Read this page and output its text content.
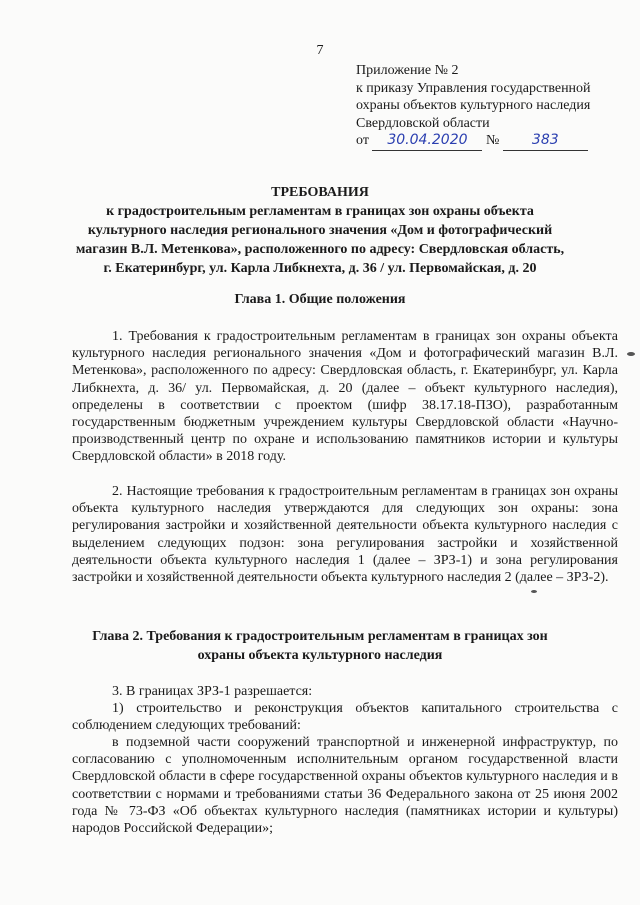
7
Приложение № 2
к приказу Управления государственной
охраны объектов культурного наследия
Свердловской области
от 30.04.2020 № 383
ТРЕБОВАНИЯ
к градостроительным регламентам в границах зон охраны объекта
культурного наследия регионального значения «Дом и фотографический
магазин В.Л. Метенкова», расположенного по адресу: Свердловская область,
г. Екатеринбург, ул. Карла Либкнехта, д. 36 / ул. Первомайская, д. 20
Глава 1. Общие положения
1. Требования к градостроительным регламентам в границах зон охраны объекта культурного наследия регионального значения «Дом и фотографический магазин В.Л. Метенкова», расположенного по адресу: Свердловская область, г. Екатеринбург, ул. Карла Либкнехта, д. 36/ ул. Первомайская, д. 20 (далее – объект культурного наследия), определены в соответствии с проектом (шифр 38.17.18-ПЗО), разработанным государственным бюджетным учреждением культуры Свердловской области «Научно-производственный центр по охране и использованию памятников истории и культуры Свердловской области» в 2018 году.
2. Настоящие требования к градостроительным регламентам в границах зон охраны объекта культурного наследия утверждаются для следующих зон охраны: зона регулирования застройки и хозяйственной деятельности объекта культурного наследия с выделением следующих подзон: зона регулирования застройки и хозяйственной деятельности объекта культурного наследия 1 (далее – ЗРЗ-1) и зона регулирования застройки и хозяйственной деятельности объекта культурного наследия 2 (далее – ЗРЗ-2).
Глава 2. Требования к градостроительным регламентам в границах зон
охраны объекта культурного наследия
3. В границах ЗРЗ-1 разрешается:
1) строительство и реконструкция объектов капитального строительства с соблюдением следующих требований:
в подземной части сооружений транспортной и инженерной инфраструктур, по согласованию с уполномоченным исполнительным органом государственной власти Свердловской области в сфере государственной охраны объектов культурного наследия и в соответствии с нормами и требованиями статьи 36 Федерального закона от 25 июня 2002 года № 73-ФЗ «Об объектах культурного наследия (памятниках истории и культуры) народов Российской Федерации»;
